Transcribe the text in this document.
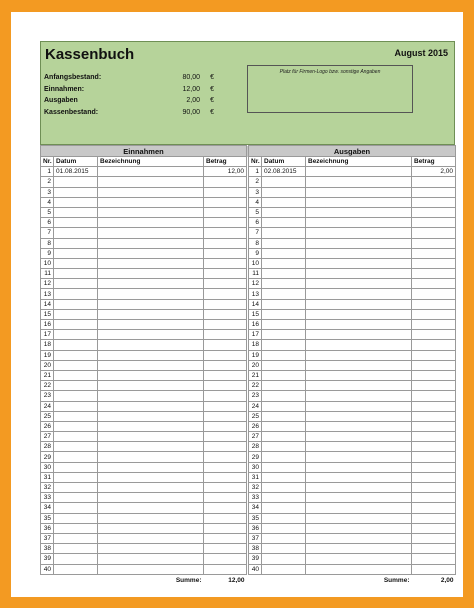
Kassenbuch	August 2015
Anfangsbestand:	80,00 €
Einnahmen:	12,00 €
Ausgaben	2,00 €
Kassenbestand:	90,00 €
Platz für Firmen-Logo bzw. sonstige Angaben
Einnahmen					Ausgaben			
Nr.	Datum	Bezeichnung	Betrag		Nr.	Datum	Bezeichnung	Betrag
1	01.08.2015		12,00		1	02.08.2015		2,00
2					2			
3					3			
4					4			
5					5			
6					6			
7					7			
8					8			
9					9			
10					10			
11					11			
12					12			
13					13			
14					14			
15					15			
16					16			
17					17			
18					18			
19					19			
20					20			
21					21			
22					22			
23					23			
24					24			
25					25			
26					26			
27					27			
28					28			
29					29			
30					30			
31					31			
32					32			
33					33			
34					34			
35					35			
36					36			
37					37			
38					38			
39					39			
40					40			
Summe:			12,00		Summe:			2,00
